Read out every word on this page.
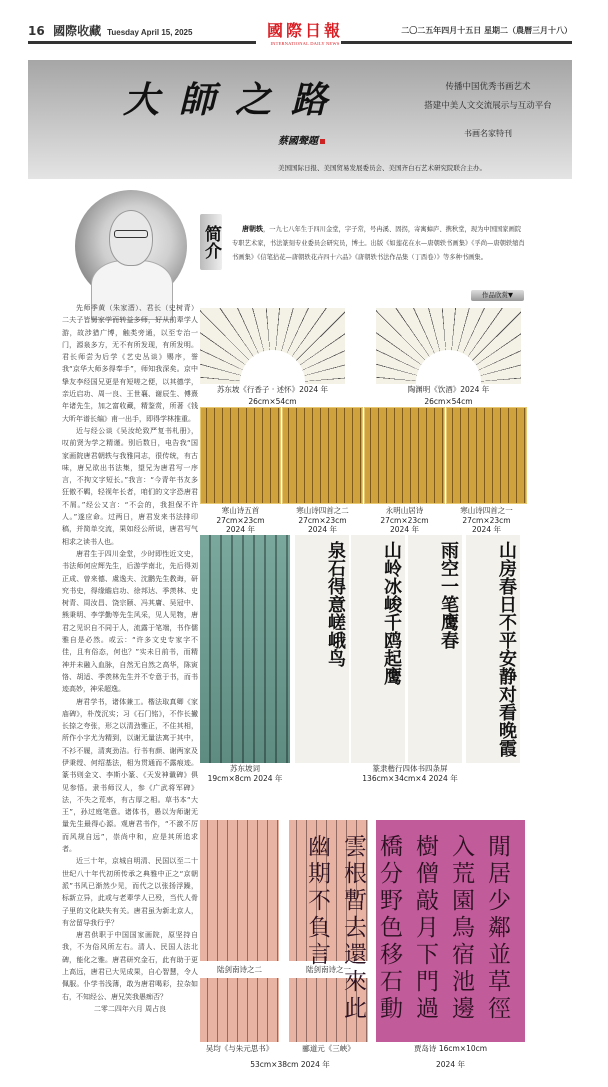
16 國際收藏 Tuesday April 15, 2025	國際日報
INTERNATIONAL DAILY NEWS
二〇二五年四月十五日 星期二（農曆三月十八）
大師之路	传播中国优秀书画艺术
搭建中美人文交流展示与互动平台
书画名家特刊
蔡國聲題
美国国际日报、美国贸易发展委员会、美国齐白石艺术研究院联合主办。

先师季黄（朱家溍）、君长（史树青）二夫子皆舅家学而转益多师，好从前辈学人游，故涉猎广博，触类旁通，以至专治一门，源泉多方，无不有所发现，有所发明。君长师尝为后学《艺史丛谈》赐序，誉我“京华大师多得奉手”，师知我深矣。京中挚友李经国兄更是有短嗟之便，以其德学，亲近启功、周一良、王世襄、谢辰生、傅熹年诸先生，加之富收藏，精鉴赏，所著《钱大昕年谱长编》甫一出手，即得学林推重。

近与经公谈《吴汝纶致严复书札册》，叹前贤为学之精谨。别后数日，电告我“国家画院唐君朝轶与我雅同志，很传统，有古味，唐兄欲出书法集，望兄为唐君写一序言，不拘文字短长。”我言：“今青年书友多狂傲不羁，轻视年长者，咱们的文字恐唐君不屑。”经公又言：“不会的，我担保不许人。”遂应命。过两日，唐君发来书法排印稿，并简单交流，果如经公所说，唐君写气相求之读书人也。

唐君生于四川金堂，少时即性近文史，书法师何应辉先生，后游学南北，先后得刘正成、曾来德、虞逸夫、沈鹏先生教诲，研究书史，得缘瞻启功、徐邦达、季羡林、史树青、周汝昌、饶宗颐、冯其庸、吴冠中、熊秉明、李学勤等先生风采，见人见物，唐君之见识自不同于人，流露于笔端，书作儒雅自是必然。或云：“许多文史专家字不佳，且有俗态，何也？”实未日前书，而精神并未融入血脉，自然无自然之高华，陈寅恪、胡适、季羡林先生并不专意于书，而书迹高妙，神采超逸。

唐君学书，诸体兼工。楷法取真卿《家庙碑》，朴茂沉实；习《石门铭》，不作长撇长捺之夸张，形之以清劲雅正，不住其相，所作小字尤为精到，以谢无量法寓于其中，不衫不履，清爽劲洁。行书有颜、谢两家及伊秉绶、何绍基法，相为贯通而不露痕迹。篆书则金文、李斯小篆、《天发神谶碑》俱见参悟。隶书师汉人，参《广武将军碑》法，不失之荒率，有古厚之相。草书本“大王”，孙过庭笔意。诸体书，愚以为师谢无量先生最得心源。观唐君书作，“不激不厉而风规自远”，崇尚中和，应是其所追求者。

近三十年，京城自明清、民国以至二十世纪八十年代初所传承之典雅中正之“京朝派”书风已渐然少见，而代之以张扬浮躁，标新立异，此或与老辈学人已殁，当代人骨子里的文化缺失有关。唐君虽为新北京人，有岔留导我行乎？

唐君供职于中国国家画院，原坚持自我，不为俗风所左右。清人、民国人法北碑，能化之雅。唐君研究金石，此有助于更上高远，唐君已大见成果，自心智慧，令人佩服。仆学书浅薄，敢为唐君喝彩，拉杂如右，不知经公、唐兄笑我愚痴否？

二零二四年六月 周占良

简介	唐朝轶，一九七八年生于四川金堂，字子常，号冉溪、固拐，寄寓蟑庐、携秋堂，现为中国国家画院专职艺术家，书法篆刻专业委员会研究员，博士。出版《如莲花在水—唐朝轶书画集》《孚尚—唐朝轶缩肖书画集》《信笔拈花—唐朝轶花卉四十六品》《唐朝轶书法作品集（丁酉卷）》等多种书画集。
作品欣赏▼
苏东坡《行香子 · 述怀》2024 年
26cm×54cm
陶渊明《饮酒》2024 年
26cm×54cm
寒山诗五首
27cm×23cm
2024 年
寒山诗四首之二
27cm×23cm
2024 年
永明山居诗
27cm×23cm
2024 年
寒山诗四首之一
27cm×23cm
2024 年
苏东坡词
19cm×8cm 2024 年
泉石得意嵯峨鸟	山岭冰峻千鸥起鹰	雨空一笔鹰春	山房春日不平安静对看晚霞
篆隶楷行四体书四条屏
136cm×34cm×4 2024 年
陆剑南诗之二	陆剑南诗之一
吴均《与朱元思书》	郦道元《三峡》
53cm×38cm 2024 年
閒居少鄰並草徑入荒園鳥宿池邊樹僧敲月下門過橋分野色移石動雲根暫去還來此幽期不負言
贾岛诗 16cm×10cm
2024 年
